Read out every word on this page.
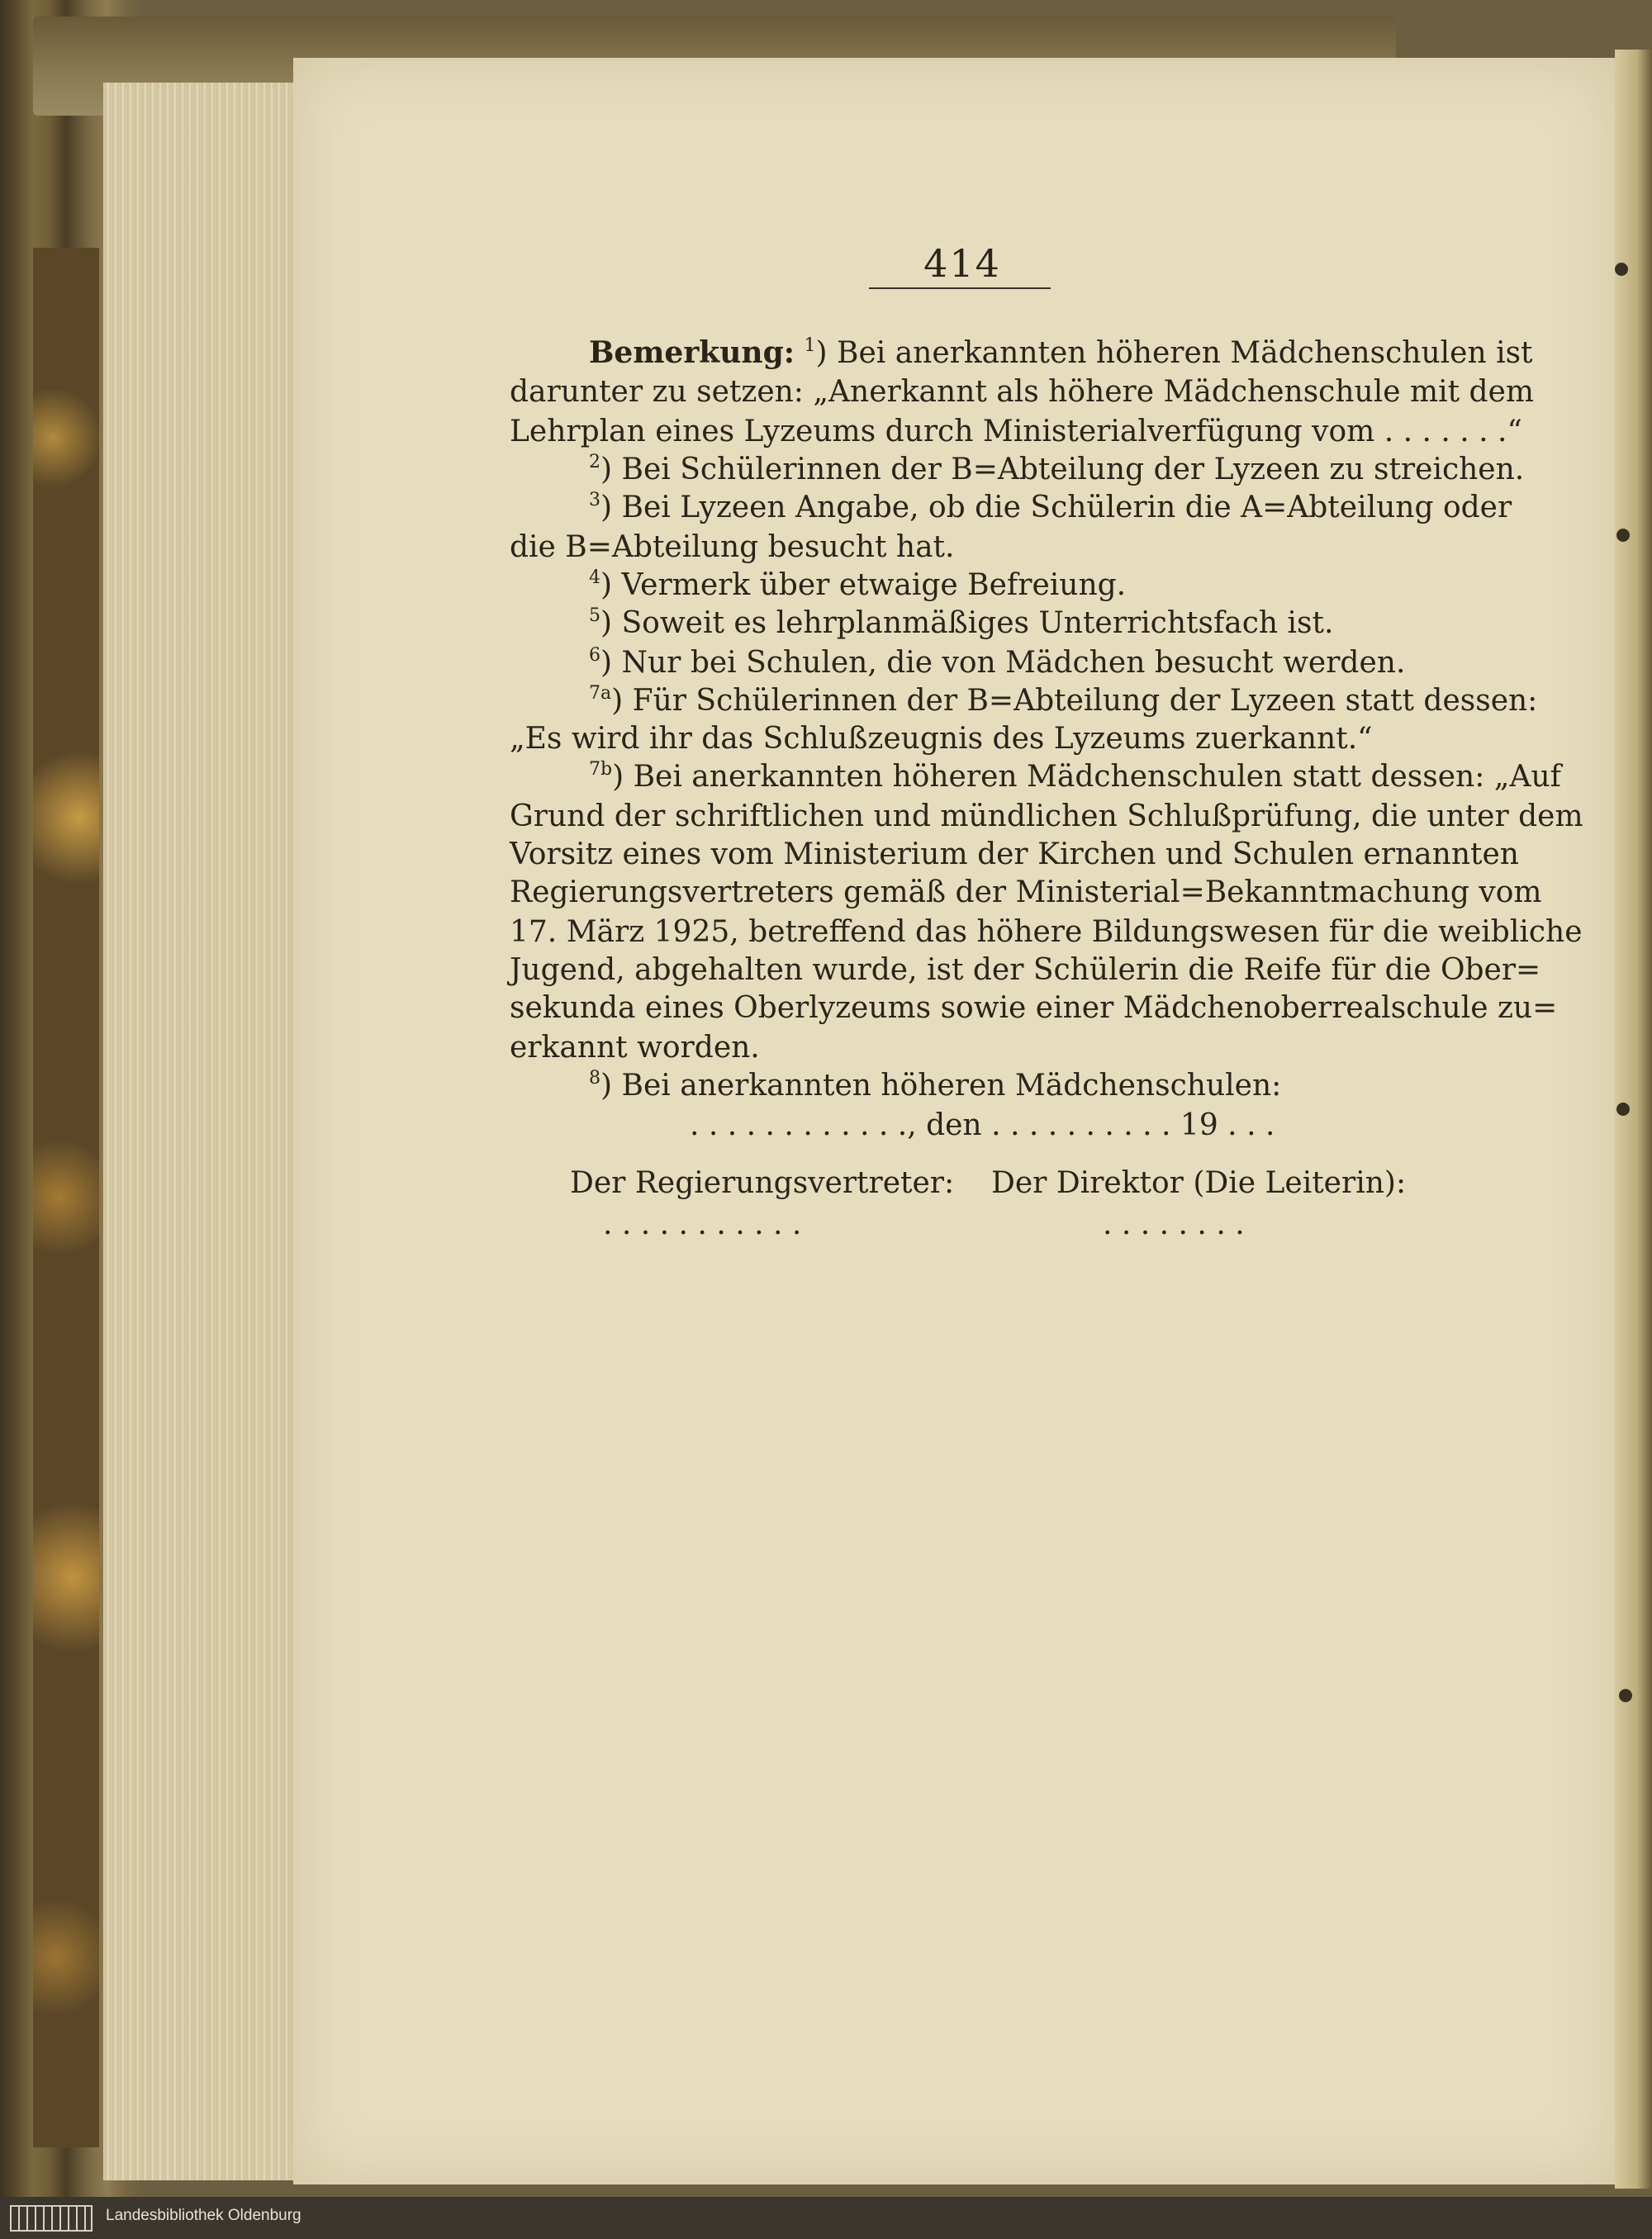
414
Bemerkung: $^1$) Bei anerkannten höheren Mädchenschulen ist
darunter zu setzen: „Anerkannt als höhere Mädchenschule mit dem
Lehrplan eines Lyzeums durch Ministerialverfügung vom . . . . . . .“
$^2$) Bei Schülerinnen der B=Abteilung der Lyzeen zu streichen.
$^3$) Bei Lyzeen Angabe, ob die Schülerin die A=Abteilung oder
die B=Abteilung besucht hat.
$^4$) Vermerk über etwaige Befreiung.
$^5$) Soweit es lehrplanmäßiges Unterrichtsfach ist.
$^6$) Nur bei Schulen, die von Mädchen besucht werden.
$^{7a}$) Für Schülerinnen der B=Abteilung der Lyzeen statt dessen:
„Es wird ihr das Schlußzeugnis des Lyzeums zuerkannt.“
$^{7b}$) Bei anerkannten höheren Mädchenschulen statt dessen: „Auf
Grund der schriftlichen und mündlichen Schlußprüfung, die unter dem
Vorsitz eines vom Ministerium der Kirchen und Schulen ernannten
Regierungsvertreters gemäß der Ministerial=Bekanntmachung vom
17. März 1925, betreffend das höhere Bildungswesen für die weibliche
Jugend, abgehalten wurde, ist der Schülerin die Reife für die Ober=
sekunda eines Oberlyzeums sowie einer Mädchenoberrealschule zu=
erkannt worden.
$^8$) Bei anerkannten höheren Mädchenschulen:
. . . . . . . . . . . ., den . . . . . . . . . . 19 . . .
Der Regierungsvertreter: Der Direktor (Die Leiterin):
. . . . . . . . . . .	. . . . . . . .
Landesbibliothek Oldenburg
